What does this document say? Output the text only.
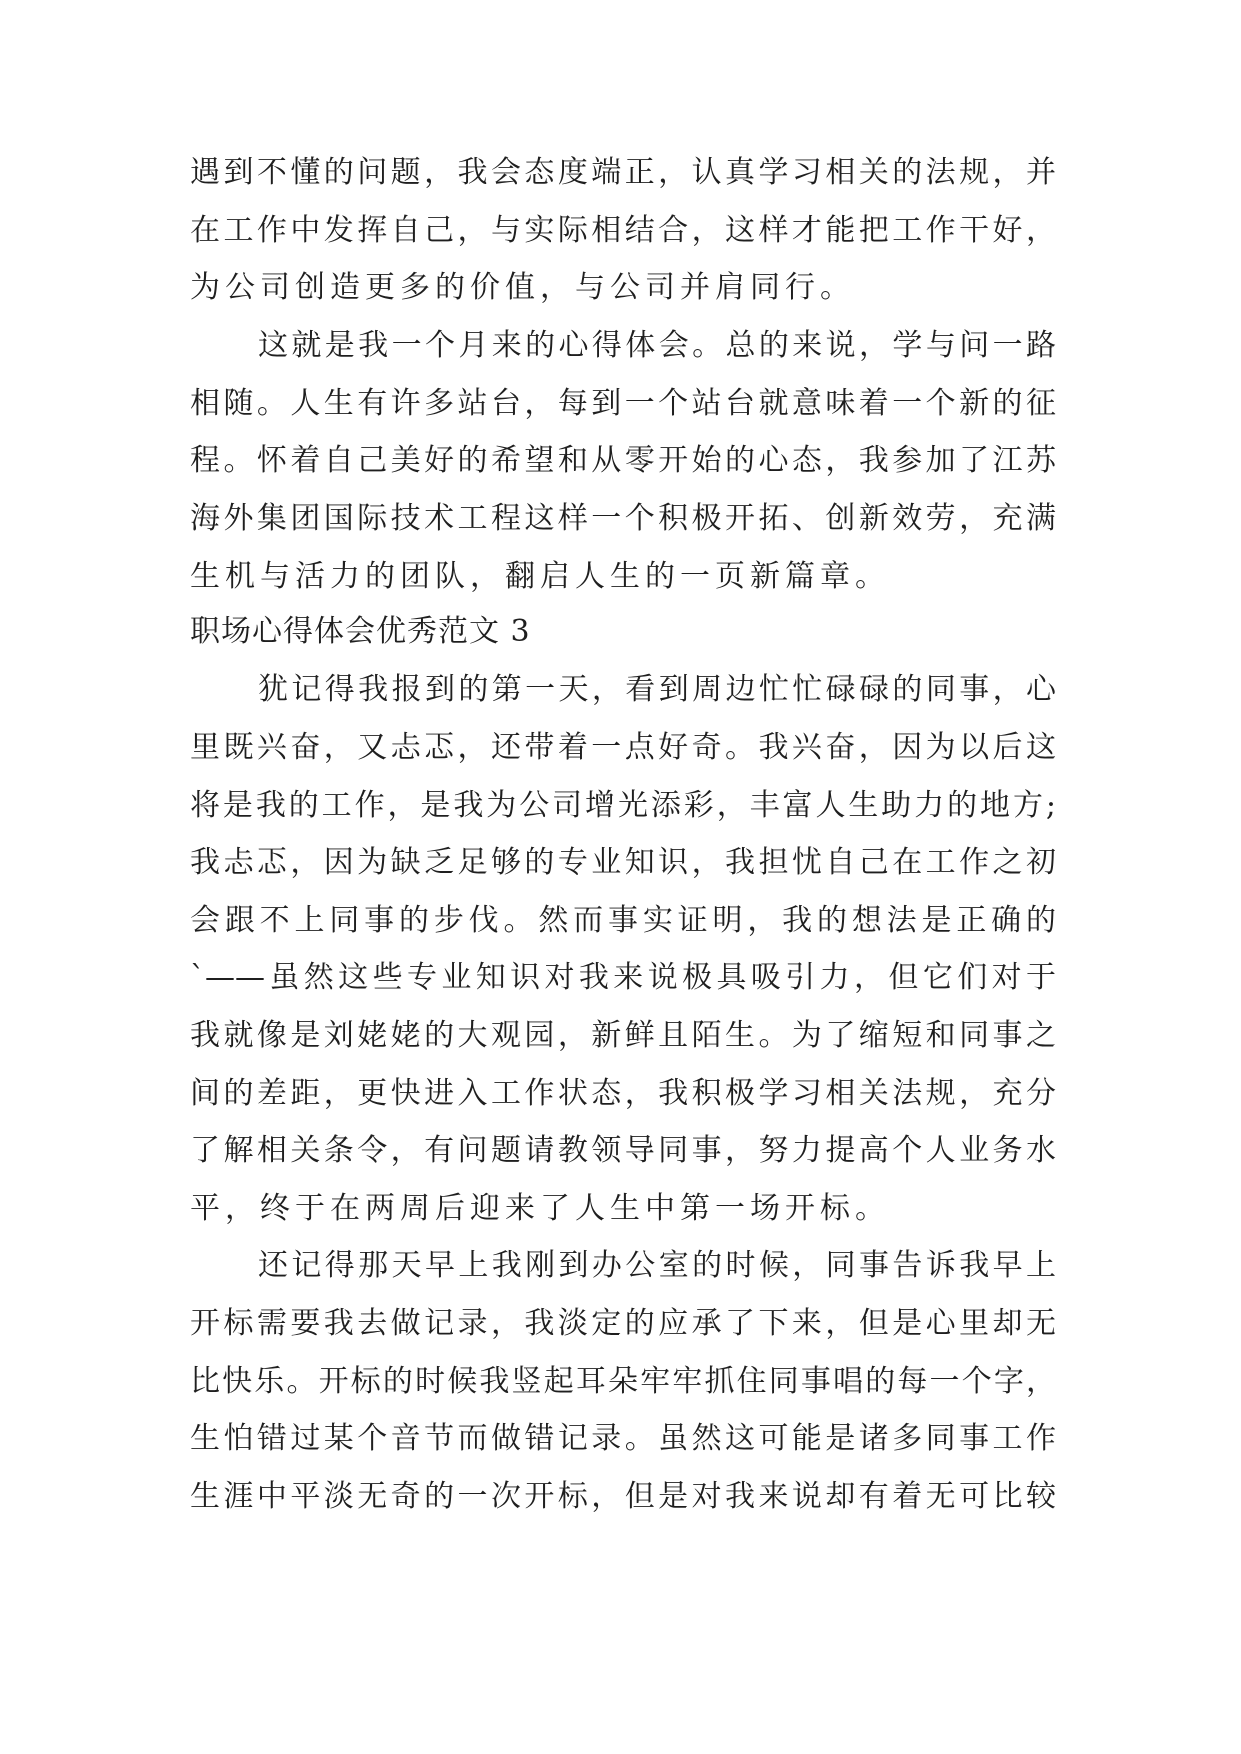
遇到不懂的问题，我会态度端正，认真学习相关的法规，并
在工作中发挥自己，与实际相结合，这样才能把工作干好，
为公司创造更多的价值，与公司并肩同行。
这就是我一个月来的心得体会。总的来说，学与问一路
相随。人生有许多站台，每到一个站台就意味着一个新的征
程。怀着自己美好的希望和从零开始的心态，我参加了江苏
海外集团国际技术工程这样一个积极开拓、创新效劳，充满
生机与活力的团队，翻启人生的一页新篇章。
职场心得体会优秀范文 3
犹记得我报到的第一天，看到周边忙忙碌碌的同事，心
里既兴奋，又忐忑，还带着一点好奇。我兴奋，因为以后这
将是我的工作，是我为公司增光添彩，丰富人生助力的地方;
我忐忑，因为缺乏足够的专业知识，我担忧自己在工作之初
会跟不上同事的步伐。然而事实证明，我的想法是正确的
`——虽然这些专业知识对我来说极具吸引力，但它们对于
我就像是刘姥姥的大观园，新鲜且陌生。为了缩短和同事之
间的差距，更快进入工作状态，我积极学习相关法规，充分
了解相关条令，有问题请教领导同事，努力提高个人业务水
平，终于在两周后迎来了人生中第一场开标。
还记得那天早上我刚到办公室的时候，同事告诉我早上
开标需要我去做记录，我淡定的应承了下来，但是心里却无
比快乐。开标的时候我竖起耳朵牢牢抓住同事唱的每一个字，
生怕错过某个音节而做错记录。虽然这可能是诸多同事工作
生涯中平淡无奇的一次开标，但是对我来说却有着无可比较
